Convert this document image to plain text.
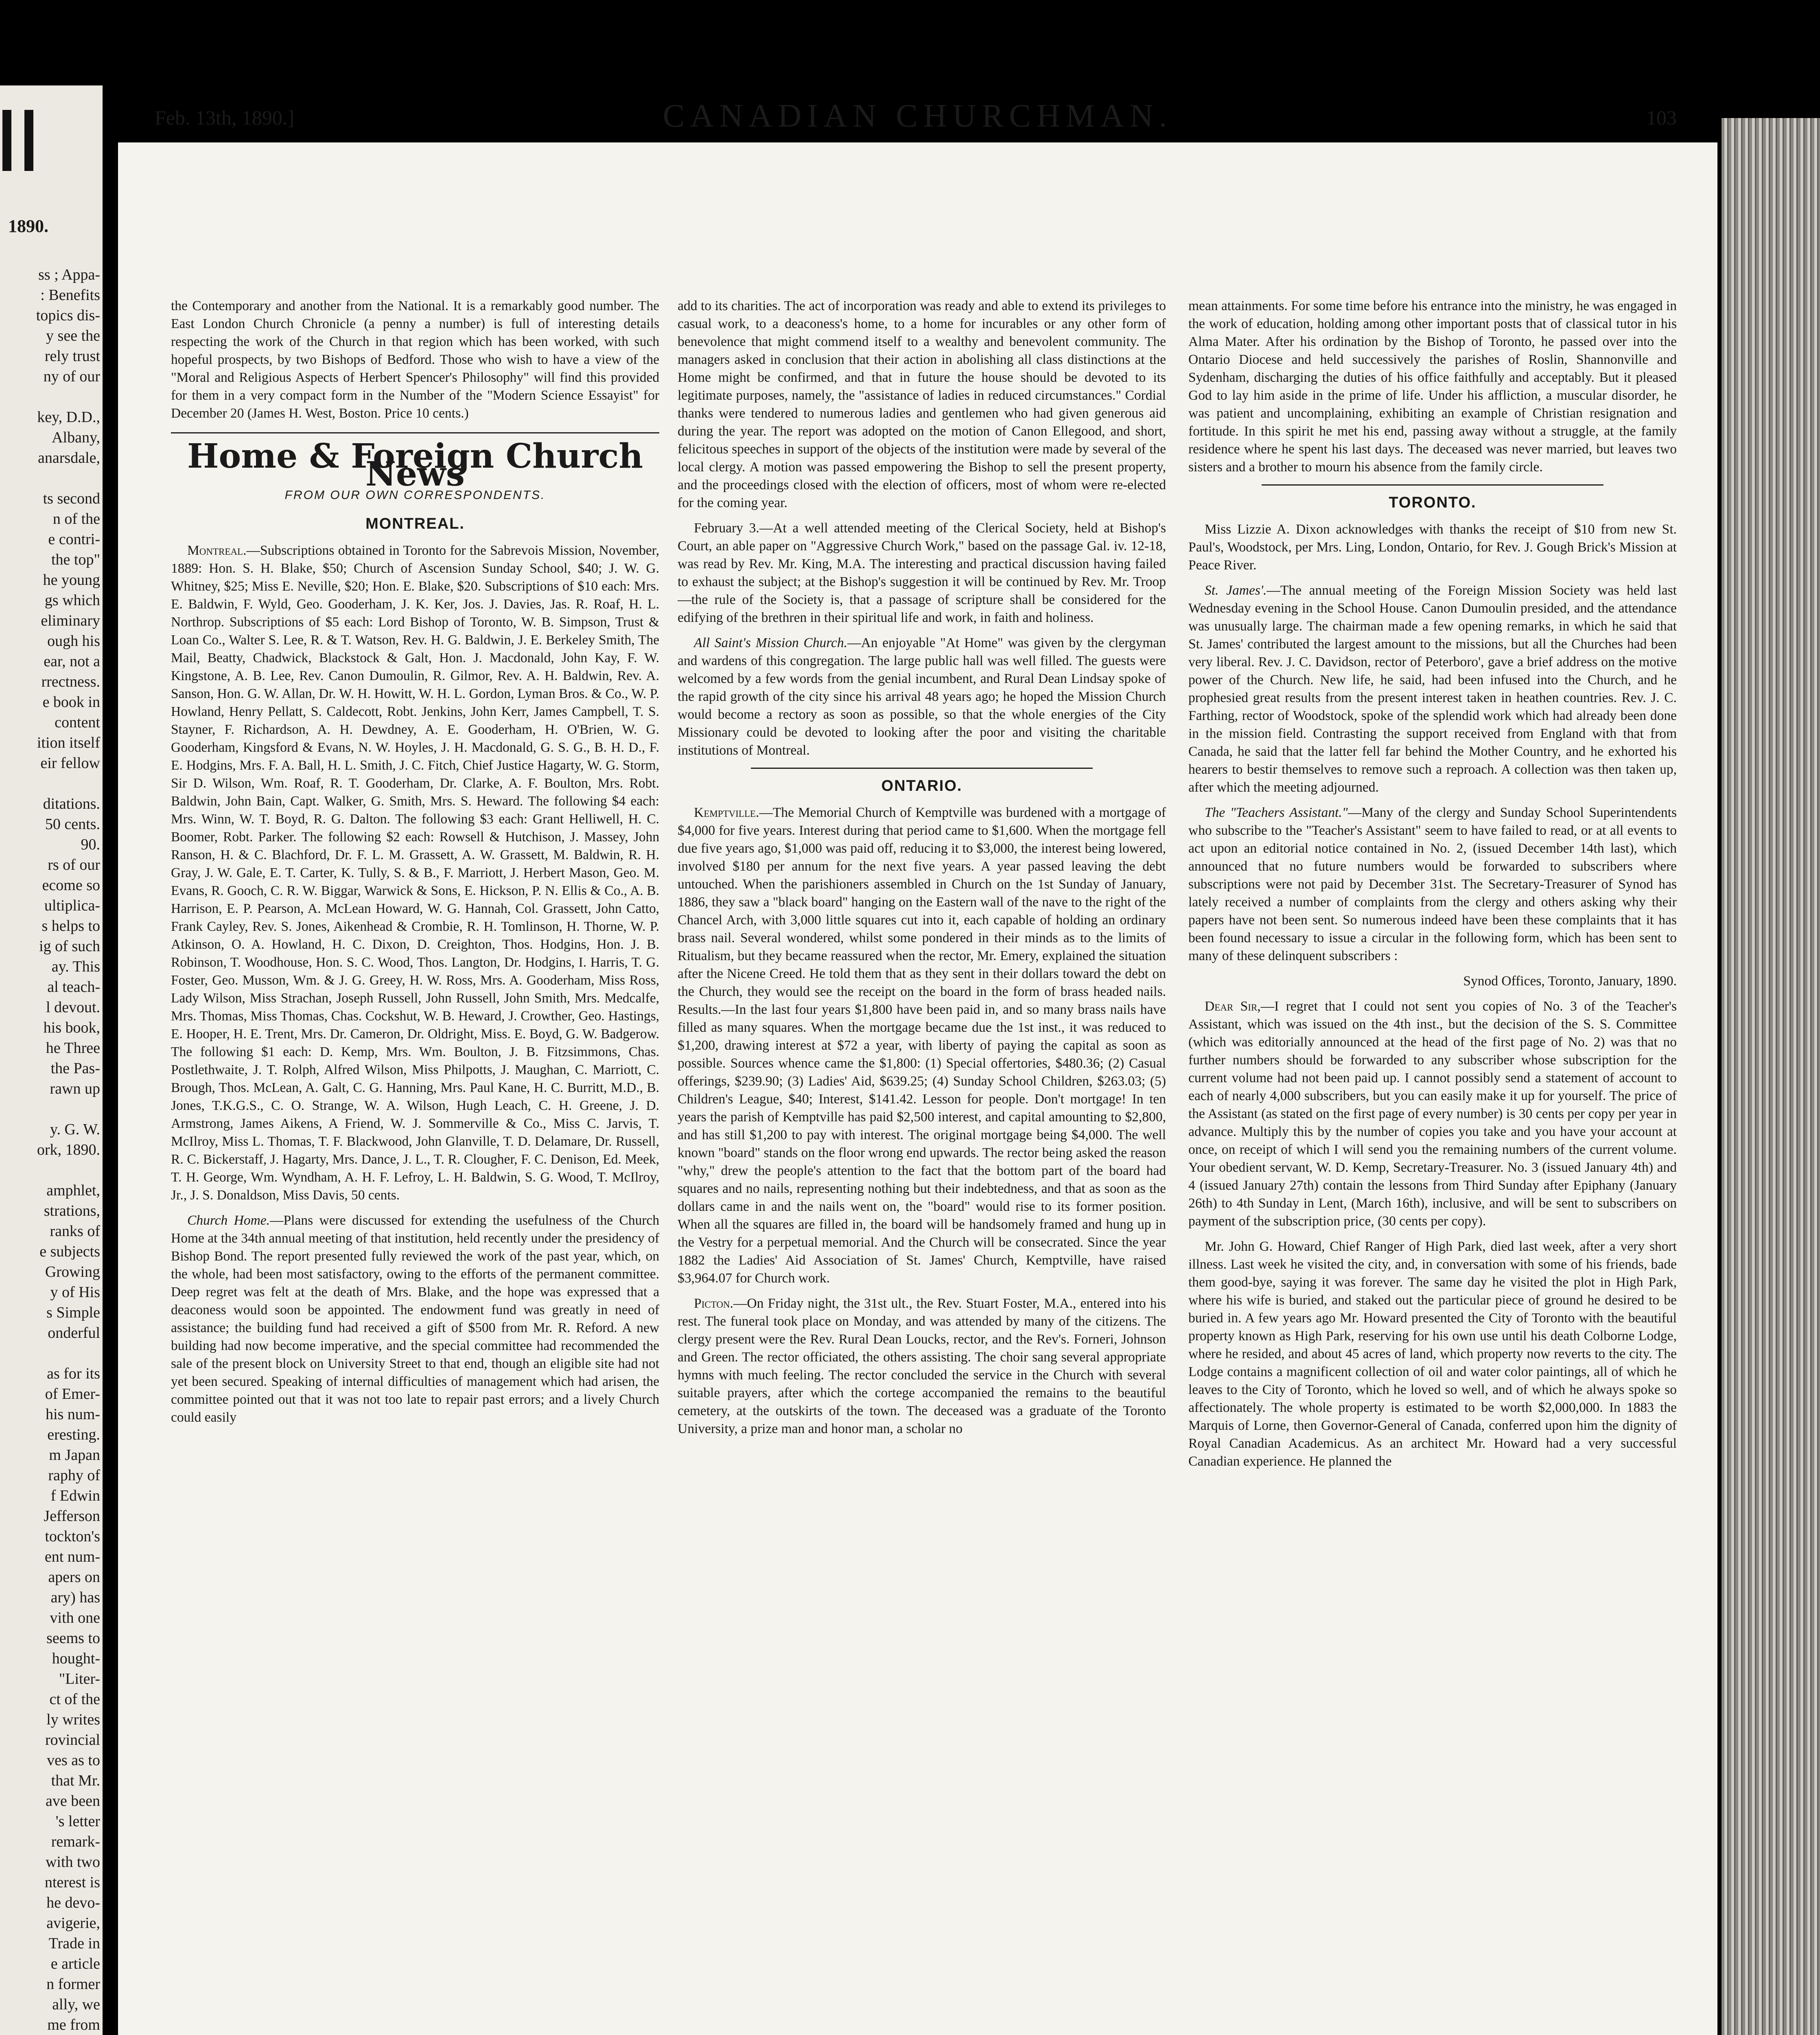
1890.
ss ; Appa-
: Benefits
topics dis-
y see the
rely trust
ny of our
key, D.D.,
Albany,
anarsdale,
ts second
n of the
e contri-
the top"
he young
gs which
eliminary
ough his
ear, not a
rrectness.
e book in
content
ition itself
eir fellow
ditations.
50 cents.
90.
rs of our
ecome so
ultiplica-
s helps to
ig of such
ay. This
al teach-
l devout.
his book,
he Three
the Pas-
rawn up
y. G. W.
ork, 1890.
amphlet,
strations,
ranks of
e subjects
Growing
y of His
s Simple
onderful
as for its
of Emer-
his num-
eresting.
m Japan
raphy of
f Edwin
Jefferson
tockton's
ent num-
apers on
ary) has
vith one
seems to
hought-
"Liter-
ct of the
ly writes
rovincial
ves as to
that Mr.
ave been
's letter
remark-
with two
nterest is
he devo-
avigerie,
Trade in
e article
n former
ally, we
me from
Feb. 13th, 1890.]	CANADIAN CHURCHMAN.	103

the Contemporary and another from the National. It is a remarkably good number. The East London Church Chronicle (a penny a number) is full of interesting details respecting the work of the Church in that region which has been worked, with such hopeful prospects, by two Bishops of Bedford. Those who wish to have a view of the "Moral and Religious Aspects of Herbert Spencer's Philosophy" will find this provided for them in a very compact form in the Number of the "Modern Science Essayist" for December 20 (James H. West, Boston. Price 10 cents.)

Home & Foreign Church News
FROM OUR OWN CORRESPONDENTS.
MONTREAL.

Montreal.—Subscriptions obtained in Toronto for the Sabrevois Mission, November, 1889: Hon. S. H. Blake, $50; Church of Ascension Sunday School, $40; J. W. G. Whitney, $25; Miss E. Neville, $20; Hon. E. Blake, $20. Subscriptions of $10 each: Mrs. E. Baldwin, F. Wyld, Geo. Gooderham, J. K. Ker, Jos. J. Davies, Jas. R. Roaf, H. L. Northrop. Subscriptions of $5 each: Lord Bishop of Toronto, W. B. Simpson, Trust & Loan Co., Walter S. Lee, R. & T. Watson, Rev. H. G. Baldwin, J. E. Berkeley Smith, The Mail, Beatty, Chadwick, Blackstock & Galt, Hon. J. Macdonald, John Kay, F. W. Kingstone, A. B. Lee, Rev. Canon Dumoulin, R. Gilmor, Rev. A. H. Baldwin, Rev. A. Sanson, Hon. G. W. Allan, Dr. W. H. Howitt, W. H. L. Gordon, Lyman Bros. & Co., W. P. Howland, Henry Pellatt, S. Caldecott, Robt. Jenkins, John Kerr, James Campbell, T. S. Stayner, F. Richardson, A. H. Dewdney, A. E. Gooderham, H. O'Brien, W. G. Gooderham, Kingsford & Evans, N. W. Hoyles, J. H. Macdonald, G. S. G., B. H. D., F. E. Hodgins, Mrs. F. A. Ball, H. L. Smith, J. C. Fitch, Chief Justice Hagarty, W. G. Storm, Sir D. Wilson, Wm. Roaf, R. T. Gooderham, Dr. Clarke, A. F. Boulton, Mrs. Robt. Baldwin, John Bain, Capt. Walker, G. Smith, Mrs. S. Heward. The following $4 each: Mrs. Winn, W. T. Boyd, R. G. Dalton. The following $3 each: Grant Helliwell, H. C. Boomer, Robt. Parker. The following $2 each: Rowsell & Hutchison, J. Massey, John Ranson, H. & C. Blachford, Dr. F. L. M. Grassett, A. W. Grassett, M. Baldwin, R. H. Gray, J. W. Gale, E. T. Carter, K. Tully, S. & B., F. Marriott, J. Herbert Mason, Geo. M. Evans, R. Gooch, C. R. W. Biggar, Warwick & Sons, E. Hickson, P. N. Ellis & Co., A. B. Harrison, E. P. Pearson, A. McLean Howard, W. G. Hannah, Col. Grassett, John Catto, Frank Cayley, Rev. S. Jones, Aikenhead & Crombie, R. H. Tomlinson, H. Thorne, W. P. Atkinson, O. A. Howland, H. C. Dixon, D. Creighton, Thos. Hodgins, Hon. J. B. Robinson, T. Woodhouse, Hon. S. C. Wood, Thos. Langton, Dr. Hodgins, I. Harris, T. G. Foster, Geo. Musson, Wm. & J. G. Greey, H. W. Ross, Mrs. A. Gooderham, Miss Ross, Lady Wilson, Miss Strachan, Joseph Russell, John Russell, John Smith, Mrs. Medcalfe, Mrs. Thomas, Miss Thomas, Chas. Cockshut, W. B. Heward, J. Crowther, Geo. Hastings, E. Hooper, H. E. Trent, Mrs. Dr. Cameron, Dr. Oldright, Miss. E. Boyd, G. W. Badgerow. The following $1 each: D. Kemp, Mrs. Wm. Boulton, J. B. Fitzsimmons, Chas. Postlethwaite, J. T. Rolph, Alfred Wilson, Miss Philpotts, J. Maughan, C. Marriott, C. Brough, Thos. McLean, A. Galt, C. G. Hanning, Mrs. Paul Kane, H. C. Burritt, M.D., B. Jones, T.K.G.S., C. O. Strange, W. A. Wilson, Hugh Leach, C. H. Greene, J. D. Armstrong, James Aikens, A Friend, W. J. Sommerville & Co., Miss C. Jarvis, T. McIlroy, Miss L. Thomas, T. F. Blackwood, John Glanville, T. D. Delamare, Dr. Russell, R. C. Bickerstaff, J. Hagarty, Mrs. Dance, J. L., T. R. Clougher, F. C. Denison, Ed. Meek, T. H. George, Wm. Wyndham, A. H. F. Lefroy, L. H. Baldwin, S. G. Wood, T. McIlroy, Jr., J. S. Donaldson, Miss Davis, 50 cents.

Church Home.—Plans were discussed for extending the usefulness of the Church Home at the 34th annual meeting of that institution, held recently under the presidency of Bishop Bond. The report presented fully reviewed the work of the past year, which, on the whole, had been most satisfactory, owing to the efforts of the permanent committee. Deep regret was felt at the death of Mrs. Blake, and the hope was expressed that a deaconess would soon be appointed. The endowment fund was greatly in need of assistance; the building fund had received a gift of $500 from Mr. R. Reford. A new building had now become imperative, and the special committee had recommended the sale of the present block on University Street to that end, though an eligible site had not yet been secured. Speaking of internal difficulties of management which had arisen, the committee pointed out that it was not too late to repair past errors; and a lively Church could easily

add to its charities. The act of incorporation was ready and able to extend its privileges to casual work, to a deaconess's home, to a home for incurables or any other form of benevolence that might commend itself to a wealthy and benevolent community. The managers asked in conclusion that their action in abolishing all class distinctions at the Home might be confirmed, and that in future the house should be devoted to its legitimate purposes, namely, the "assistance of ladies in reduced circumstances." Cordial thanks were tendered to numerous ladies and gentlemen who had given generous aid during the year. The report was adopted on the motion of Canon Ellegood, and short, felicitous speeches in support of the objects of the institution were made by several of the local clergy. A motion was passed empowering the Bishop to sell the present property, and the proceedings closed with the election of officers, most of whom were re-elected for the coming year.

February 3.—At a well attended meeting of the Clerical Society, held at Bishop's Court, an able paper on "Aggressive Church Work," based on the passage Gal. iv. 12-18, was read by Rev. Mr. King, M.A. The interesting and practical discussion having failed to exhaust the subject; at the Bishop's suggestion it will be continued by Rev. Mr. Troop—the rule of the Society is, that a passage of scripture shall be considered for the edifying of the brethren in their spiritual life and work, in faith and holiness.

All Saint's Mission Church.—An enjoyable "At Home" was given by the clergyman and wardens of this congregation. The large public hall was well filled. The guests were welcomed by a few words from the genial incumbent, and Rural Dean Lindsay spoke of the rapid growth of the city since his arrival 48 years ago; he hoped the Mission Church would become a rectory as soon as possible, so that the whole energies of the City Missionary could be devoted to looking after the poor and visiting the charitable institutions of Montreal.

ONTARIO.

Kemptville.—The Memorial Church of Kemptville was burdened with a mortgage of $4,000 for five years. Interest during that period came to $1,600. When the mortgage fell due five years ago, $1,000 was paid off, reducing it to $3,000, the interest being lowered, involved $180 per annum for the next five years. A year passed leaving the debt untouched. When the parishioners assembled in Church on the 1st Sunday of January, 1886, they saw a "black board" hanging on the Eastern wall of the nave to the right of the Chancel Arch, with 3,000 little squares cut into it, each capable of holding an ordinary brass nail. Several wondered, whilst some pondered in their minds as to the limits of Ritualism, but they became reassured when the rector, Mr. Emery, explained the situation after the Nicene Creed. He told them that as they sent in their dollars toward the debt on the Church, they would see the receipt on the board in the form of brass headed nails. Results.—In the last four years $1,800 have been paid in, and so many brass nails have filled as many squares. When the mortgage became due the 1st inst., it was reduced to $1,200, drawing interest at $72 a year, with liberty of paying the capital as soon as possible. Sources whence came the $1,800: (1) Special offertories, $480.36; (2) Casual offerings, $239.90; (3) Ladies' Aid, $639.25; (4) Sunday School Children, $263.03; (5) Children's League, $40; Interest, $141.42. Lesson for people. Don't mortgage! In ten years the parish of Kemptville has paid $2,500 interest, and capital amounting to $2,800, and has still $1,200 to pay with interest. The original mortgage being $4,000. The well known "board" stands on the floor wrong end upwards. The rector being asked the reason "why," drew the people's attention to the fact that the bottom part of the board had squares and no nails, representing nothing but their indebtedness, and that as soon as the dollars came in and the nails went on, the "board" would rise to its former position. When all the squares are filled in, the board will be handsomely framed and hung up in the Vestry for a perpetual memorial. And the Church will be consecrated. Since the year 1882 the Ladies' Aid Association of St. James' Church, Kemptville, have raised $3,964.07 for Church work.

Picton.—On Friday night, the 31st ult., the Rev. Stuart Foster, M.A., entered into his rest. The funeral took place on Monday, and was attended by many of the citizens. The clergy present were the Rev. Rural Dean Loucks, rector, and the Rev's. Forneri, Johnson and Green. The rector officiated, the others assisting. The choir sang several appropriate hymns with much feeling. The rector concluded the service in the Church with several suitable prayers, after which the cortege accompanied the remains to the beautiful cemetery, at the outskirts of the town. The deceased was a graduate of the Toronto University, a prize man and honor man, a scholar no

mean attainments. For some time before his entrance into the ministry, he was engaged in the work of education, holding among other important posts that of classical tutor in his Alma Mater. After his ordination by the Bishop of Toronto, he passed over into the Ontario Diocese and held successively the parishes of Roslin, Shannonville and Sydenham, discharging the duties of his office faithfully and acceptably. But it pleased God to lay him aside in the prime of life. Under his affliction, a muscular disorder, he was patient and uncomplaining, exhibiting an example of Christian resignation and fortitude. In this spirit he met his end, passing away without a struggle, at the family residence where he spent his last days. The deceased was never married, but leaves two sisters and a brother to mourn his absence from the family circle.

TORONTO.

Miss Lizzie A. Dixon acknowledges with thanks the receipt of $10 from new St. Paul's, Woodstock, per Mrs. Ling, London, Ontario, for Rev. J. Gough Brick's Mission at Peace River.

St. James'.—The annual meeting of the Foreign Mission Society was held last Wednesday evening in the School House. Canon Dumoulin presided, and the attendance was unusually large. The chairman made a few opening remarks, in which he said that St. James' contributed the largest amount to the missions, but all the Churches had been very liberal. Rev. J. C. Davidson, rector of Peterboro', gave a brief address on the motive power of the Church. New life, he said, had been infused into the Church, and he prophesied great results from the present interest taken in heathen countries. Rev. J. C. Farthing, rector of Woodstock, spoke of the splendid work which had already been done in the mission field. Contrasting the support received from England with that from Canada, he said that the latter fell far behind the Mother Country, and he exhorted his hearers to bestir themselves to remove such a reproach. A collection was then taken up, after which the meeting adjourned.

The "Teachers Assistant."—Many of the clergy and Sunday School Superintendents who subscribe to the "Teacher's Assistant" seem to have failed to read, or at all events to act upon an editorial notice contained in No. 2, (issued December 14th last), which announced that no future numbers would be forwarded to subscribers where subscriptions were not paid by December 31st. The Secretary-Treasurer of Synod has lately received a number of complaints from the clergy and others asking why their papers have not been sent. So numerous indeed have been these complaints that it has been found necessary to issue a circular in the following form, which has been sent to many of these delinquent subscribers :

Synod Offices, Toronto, January, 1890.

Dear Sir,—I regret that I could not sent you copies of No. 3 of the Teacher's Assistant, which was issued on the 4th inst., but the decision of the S. S. Committee (which was editorially announced at the head of the first page of No. 2) was that no further numbers should be forwarded to any subscriber whose subscription for the current volume had not been paid up. I cannot possibly send a statement of account to each of nearly 4,000 subscribers, but you can easily make it up for yourself. The price of the Assistant (as stated on the first page of every number) is 30 cents per copy per year in advance. Multiply this by the number of copies you take and you have your account at once, on receipt of which I will send you the remaining numbers of the current volume. Your obedient servant, W. D. Kemp, Secretary-Treasurer. No. 3 (issued January 4th) and 4 (issued January 27th) contain the lessons from Third Sunday after Epiphany (January 26th) to 4th Sunday in Lent, (March 16th), inclusive, and will be sent to subscribers on payment of the subscription price, (30 cents per copy).

Mr. John G. Howard, Chief Ranger of High Park, died last week, after a very short illness. Last week he visited the city, and, in conversation with some of his friends, bade them good-bye, saying it was forever. The same day he visited the plot in High Park, where his wife is buried, and staked out the particular piece of ground he desired to be buried in. A few years ago Mr. Howard presented the City of Toronto with the beautiful property known as High Park, reserving for his own use until his death Colborne Lodge, where he resided, and about 45 acres of land, which property now reverts to the city. The Lodge contains a magnificent collection of oil and water color paintings, all of which he leaves to the City of Toronto, which he loved so well, and of which he always spoke so affectionately. The whole property is estimated to be worth $2,000,000. In 1883 the Marquis of Lorne, then Governor-General of Canada, conferred upon him the dignity of Royal Canadian Academicus. As an architect Mr. Howard had a very successful Canadian experience. He planned the
